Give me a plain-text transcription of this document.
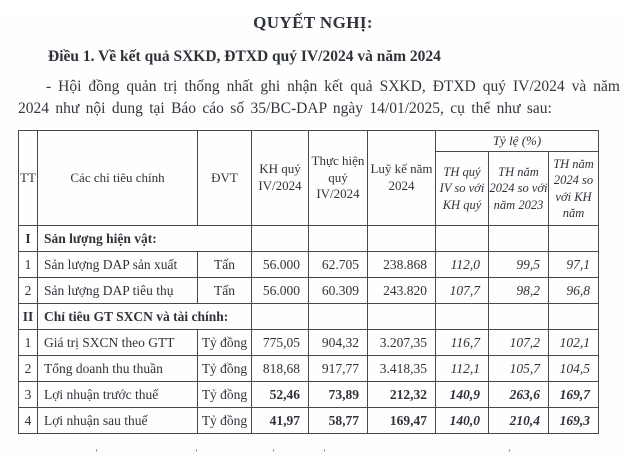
QUYẾT NGHỊ:
Điều 1. Về kết quả SXKD, ĐTXD quý IV/2024 và năm 2024

- Hội đồng quản trị thống nhất ghi nhận kết quả SXKD, ĐTXD quý IV/2024 và năm 2024 như nội dung tại Báo cáo số 35/BC-DAP ngày 14/01/2025, cụ thể như sau:

TT	Các chỉ tiêu chính	ĐVT	KH quý IV/2024	Thực hiện quý IV/2024	Luỹ kế năm 2024	Tỷ lệ (%)		
						TH quý IV so với KH quý	TH năm 2024 so với năm 2023	TH năm 2024 so với KH năm
I	Sản lượng hiện vật:							
1	Sản lượng DAP sản xuất	Tấn	56.000	62.705	238.868	112,0	99,5	97,1
2	Sản lượng DAP tiêu thụ	Tấn	56.000	60.309	243.820	107,7	98,2	96,8
II	Chỉ tiêu GT SXCN và tài chính:							
1	Giá trị SXCN theo GTT	Tỷ đồng	775,05	904,32	3.207,35	116,7	107,2	102,1
2	Tổng doanh thu thuần	Tỷ đồng	818,68	917,77	3.418,35	112,1	105,7	104,5
3	Lợi nhuận trước thuế	Tỷ đồng	52,46	73,89	212,32	140,9	263,6	169,7
4	Lợi nhuận sau thuế	Tỷ đồng	41,97	58,77	169,47	140,0	210,4	169,3
ʼ	ʼ	ʼ	ʼ	ʼ
